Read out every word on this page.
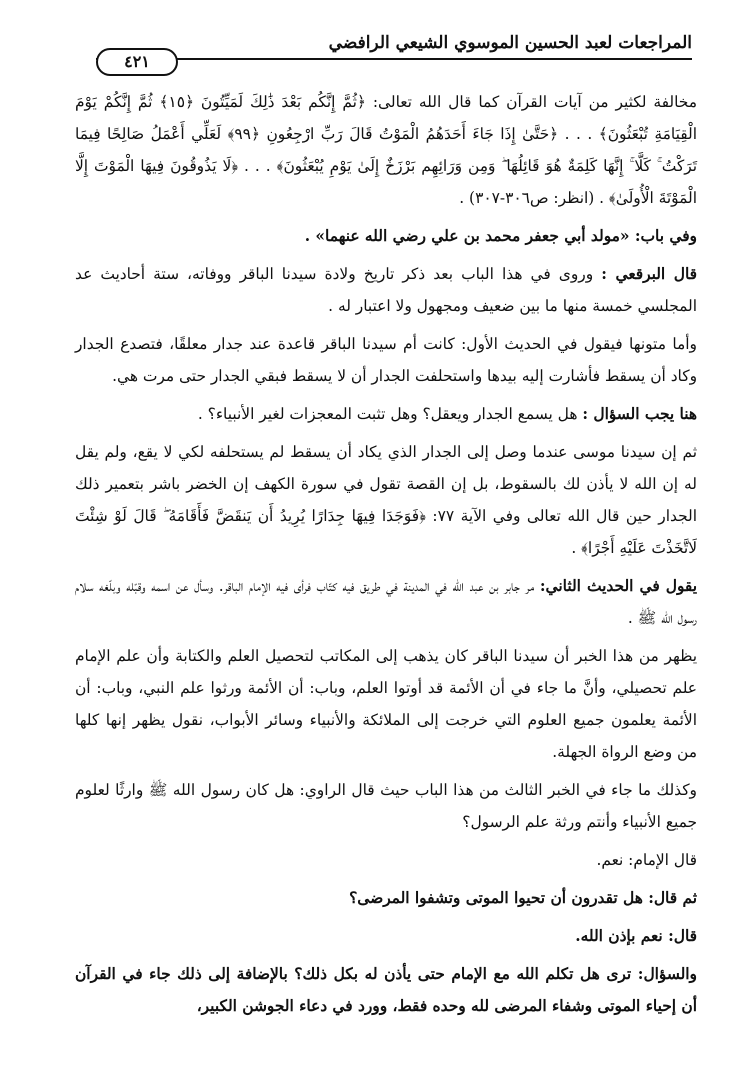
المراجعات لعبد الحسين الموسوي الشيعي الرافضي
٤٢١

مخالفة لكثير من آيات القرآن كما قال الله تعالى: ﴿ثُمَّ إِنَّكُم بَعْدَ ذَٰلِكَ لَمَيِّتُونَ ﴿١٥﴾ ثُمَّ إِنَّكُمْ يَوْمَ الْقِيَامَةِ تُبْعَثُونَ﴾ . . . ﴿حَتَّىٰ إِذَا جَاءَ أَحَدَهُمُ الْمَوْتُ قَالَ رَبِّ ارْجِعُونِ ﴿٩٩﴾ لَعَلِّي أَعْمَلُ صَالِحًا فِيمَا تَرَكْتُ ۚ كَلَّا ۚ إِنَّهَا كَلِمَةٌ هُوَ قَائِلُهَا ۖ وَمِن وَرَائِهِم بَرْزَخٌ إِلَىٰ يَوْمِ يُبْعَثُونَ﴾ . . . ﴿لَا يَذُوقُونَ فِيهَا الْمَوْتَ إِلَّا الْمَوْتَةَ الْأُولَىٰ﴾ . (انظر: ص٣٠٦-٣٠٧) .

وفي باب: «مولد أبي جعفر محمد بن علي رضي الله عنهما» .

قال البرقعي : وروى في هذا الباب بعد ذكر تاريخ ولادة سيدنا الباقر ووفاته، ستة أحاديث عد المجلسي خمسة منها ما بين ضعيف ومجهول ولا اعتبار له .

وأما متونها فيقول في الحديث الأول: كانت أم سيدنا الباقر قاعدة عند جدار معلقًا، فتصدع الجدار وكاد أن يسقط فأشارت إليه بيدها واستحلفت الجدار أن لا يسقط فبقي الجدار حتى مرت هي.

هنا يجب السؤال : هل يسمع الجدار ويعقل؟ وهل تثبت المعجزات لغير الأنبياء؟ .

ثم إن سيدنا موسى عندما وصل إلى الجدار الذي يكاد أن يسقط لم يستحلفه لكي لا يقع، ولم يقل له إن الله لا يأذن لك بالسقوط، بل إن القصة تقول في سورة الكهف إن الخضر باشر بتعمير ذلك الجدار حين قال الله تعالى وفي الآية ٧٧: ﴿فَوَجَدَا فِيهَا جِدَارًا يُرِيدُ أَن يَنقَضَّ فَأَقَامَهُ ۖ قَالَ لَوْ شِئْتَ لَاتَّخَذْتَ عَلَيْهِ أَجْرًا﴾ .

يقول في الحديث الثاني: مر جابر بن عبد الله في المدينة في طريق فيه كتّاب فرأى فيه الإمام الباقر. وسأل عن اسمه وقبّله وبلّغه سلام رسول الله ﷺ .

يظهر من هذا الخبر أن سيدنا الباقر كان يذهب إلى المكاتب لتحصيل العلم والكتابة وأن علم الإمام علم تحصيلي، وأنَّ ما جاء في أن الأئمة قد أوتوا العلم، وباب: أن الأئمة ورثوا علم النبي، وباب: أن الأئمة يعلمون جميع العلوم التي خرجت إلى الملائكة والأنبياء وسائر الأبواب، نقول يظهر إنها كلها من وضع الرواة الجهلة.

وكذلك ما جاء في الخبر الثالث من هذا الباب حيث قال الراوي: هل كان رسول الله ﷺ وارثًا لعلوم جميع الأنبياء وأنتم ورثة علم الرسول؟

قال الإمام: نعم.

ثم قال: هل تقدرون أن تحيوا الموتى وتشفوا المرضى؟

قال: نعم بإذن الله.

والسؤال: ترى هل تكلم الله مع الإمام حتى يأذن له بكل ذلك؟ بالإضافة إلى ذلك جاء في القرآن أن إحياء الموتى وشفاء المرضى لله وحده فقط، وورد في دعاء الجوشن الكبير،
